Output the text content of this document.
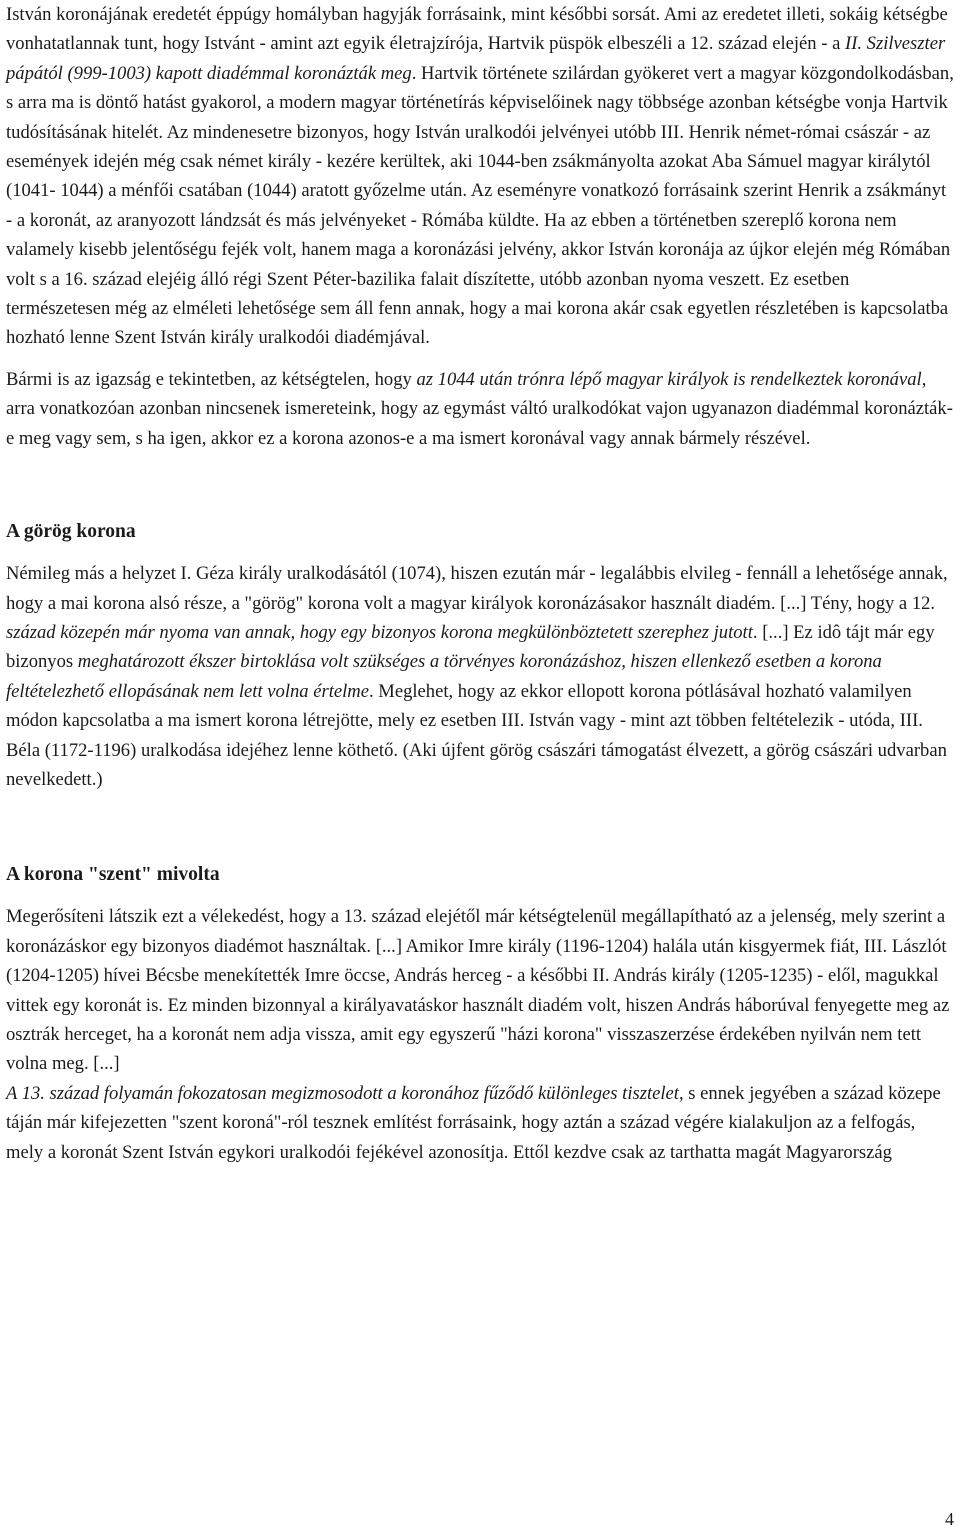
István koronájának eredetét éppúgy homályban hagyják forrásaink, mint későbbi sorsát. Ami az eredetet illeti, sokáig kétségbe vonhatatlannak tunt, hogy Istvánt - amint azt egyik életrajzírója, Hartvik püspök elbeszéli a 12. század elején - a II. Szilveszter pápától (999-1003) kapott diadémmal koronázták meg. Hartvik története szilárdan gyökeret vert a magyar közgondolkodásban, s arra ma is döntő hatást gyakorol, a modern magyar történetírás képviselőinek nagy többsége azonban kétségbe vonja Hartvik tudósításának hitelét. Az mindenesetre bizonyos, hogy István uralkodói jelvényei utóbb III. Henrik német-római császár - az események idején még csak német király - kezére kerültek, aki 1044-ben zsákmányolta azokat Aba Sámuel magyar királytól (1041- 1044) a ménfői csatában (1044) aratott győzelme után. Az eseményre vonatkozó forrásaink szerint Henrik a zsákmányt - a koronát, az aranyozott lándzsát és más jelvényeket - Rómába küldte. Ha az ebben a történetben szereplő korona nem valamely kisebb jelentőségu fejék volt, hanem maga a koronázási jelvény, akkor István koronája az újkor elején még Rómában volt s a 16. század elejéig álló régi Szent Péter-bazilika falait díszítette, utóbb azonban nyoma veszett. Ez esetben természetesen még az elméleti lehetősége sem áll fenn annak, hogy a mai korona akár csak egyetlen részletében is kapcsolatba hozható lenne Szent István király uralkodói diadémjával.

Bármi is az igazság e tekintetben, az kétségtelen, hogy az 1044 után trónra lépő magyar királyok is rendelkeztek koronával, arra vonatkozóan azonban nincsenek ismereteink, hogy az egymást váltó uralkodókat vajon ugyanazon diadémmal koronázták-e meg vagy sem, s ha igen, akkor ez a korona azonos-e a ma ismert koronával vagy annak bármely részével.

A görög korona

Némileg más a helyzet I. Géza király uralkodásától (1074), hiszen ezután már - legalábbis elvileg - fennáll a lehetősége annak, hogy a mai korona alsó része, a "görög" korona volt a magyar királyok koronázásakor használt diadém. [...] Tény, hogy a 12. század közepén már nyoma van annak, hogy egy bizonyos korona megkülönböztetett szerephez jutott. [...] Ez idô tájt már egy bizonyos meghatározott ékszer birtoklása volt szükséges a törvényes koronázáshoz, hiszen ellenkező esetben a korona feltételezhető ellopásának nem lett volna értelme. Meglehet, hogy az ekkor ellopott korona pótlásával hozható valamilyen módon kapcsolatba a ma ismert korona létrejötte, mely ez esetben III. István vagy - mint azt többen feltételezik - utóda, III. Béla (1172-1196) uralkodása idejéhez lenne köthető. (Aki újfent görög császári támogatást élvezett, a görög császári udvarban nevelkedett.)

A korona "szent" mivolta

Megerősíteni látszik ezt a vélekedést, hogy a 13. század elejétől már kétségtelenül megállapítható az a jelenség, mely szerint a koronázáskor egy bizonyos diadémot használtak. [...] Amikor Imre király (1196-1204) halála után kisgyermek fiát, III. Lászlót (1204-1205) hívei Bécsbe menekítették Imre öccse, András herceg - a későbbi II. András király (1205-1235) - elől, magukkal vittek egy koronát is. Ez minden bizonnyal a királyavatáskor használt diadém volt, hiszen András háborúval fenyegette meg az osztrák herceget, ha a koronát nem adja vissza, amit egy egyszerű "házi korona" visszaszerzése érdekében nyilván nem tett volna meg. [...]

A 13. század folyamán fokozatosan megizmosodott a koronához fűződő különleges tisztelet, s ennek jegyében a század közepe táján már kifejezetten "szent koroná"-ról tesznek említést forrásaink, hogy aztán a század végére kialakuljon az a felfogás, mely a koronát Szent István egykori uralkodói fejékével azonosítja. Ettől kezdve csak az tarthatta magát Magyarország

4
